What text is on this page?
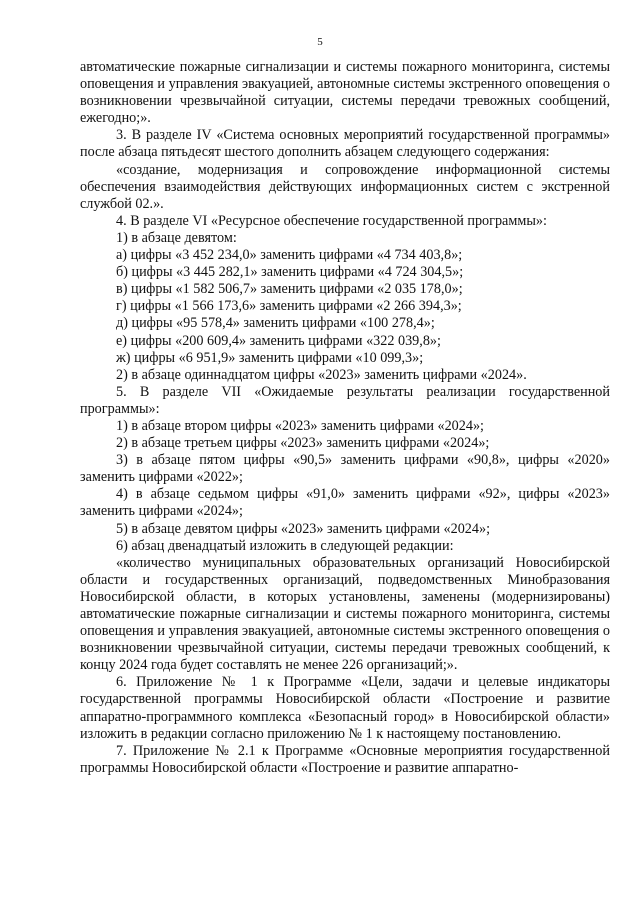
5

автоматические пожарные сигнализации и системы пожарного мониторинга, системы оповещения и управления эвакуацией, автономные системы экстренного оповещения о возникновении чрезвычайной ситуации, системы передачи тревожных сообщений, ежегодно;».

3. В разделе IV «Система основных мероприятий государственной программы» после абзаца пятьдесят шестого дополнить абзацем следующего содержания:

«создание, модернизация и сопровождение информационной системы обеспечения взаимодействия действующих информационных систем с экстренной службой 02.».

4. В разделе VI «Ресурсное обеспечение государственной программы»:

1) в абзаце девятом:

а) цифры «3 452 234,0» заменить цифрами «4 734 403,8»;

б) цифры «3 445 282,1» заменить цифрами «4 724 304,5»;

в) цифры «1 582 506,7» заменить цифрами «2 035 178,0»;

г) цифры «1 566 173,6» заменить цифрами «2 266 394,3»;

д) цифры «95 578,4» заменить цифрами «100 278,4»;

е) цифры «200 609,4» заменить цифрами «322 039,8»;

ж) цифры «6 951,9» заменить цифрами «10 099,3»;

2) в абзаце одиннадцатом цифры «2023» заменить цифрами «2024».

5. В разделе VII «Ожидаемые результаты реализации государственной программы»:

1) в абзаце втором цифры «2023» заменить цифрами «2024»;

2) в абзаце третьем цифры «2023» заменить цифрами «2024»;

3) в абзаце пятом цифры «90,5» заменить цифрами «90,8», цифры «2020» заменить цифрами «2022»;

4) в абзаце седьмом цифры «91,0» заменить цифрами «92», цифры «2023» заменить цифрами «2024»;

5) в абзаце девятом цифры «2023» заменить цифрами «2024»;

6) абзац двенадцатый изложить в следующей редакции:

«количество муниципальных образовательных организаций Новосибирской области и государственных организаций, подведомственных Минобразования Новосибирской области, в которых установлены, заменены (модернизированы) автоматические пожарные сигнализации и системы пожарного мониторинга, системы оповещения и управления эвакуацией, автономные системы экстренного оповещения о возникновении чрезвычайной ситуации, системы передачи тревожных сообщений, к концу 2024 года будет составлять не менее 226 организаций;».

6. Приложение № 1 к Программе «Цели, задачи и целевые индикаторы государственной программы Новосибирской области «Построение и развитие аппаратно-программного комплекса «Безопасный город» в Новосибирской области» изложить в редакции согласно приложению № 1 к настоящему постановлению.

7. Приложение № 2.1 к Программе «Основные мероприятия государственной программы Новосибирской области «Построение и развитие аппаратно-
